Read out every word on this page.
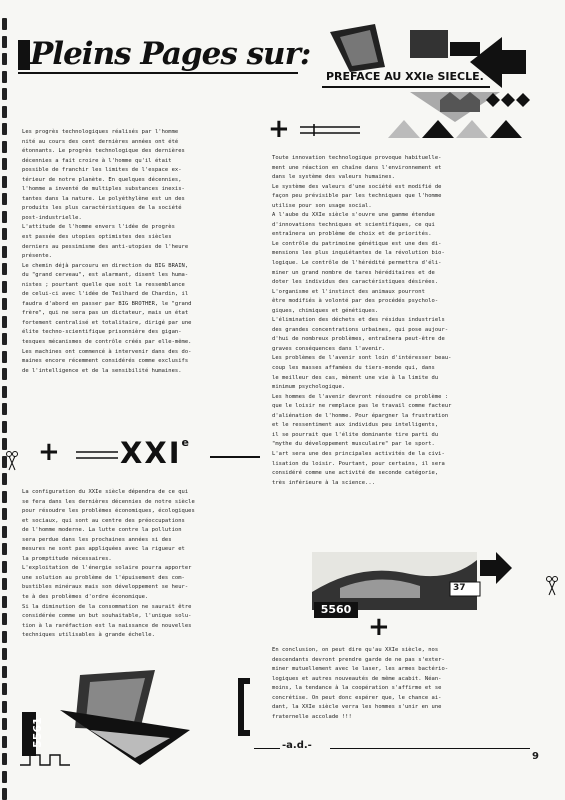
Pleins Pages sur:
PREFACE AU XXIe SIECLE.
+

Les progrès technologiques réalisés par l'homme

nité au cours des cent dernières années ont été

étonnants. Le progrès technologique des dernières

décennies a fait croire à l'homme qu'il était

possible de franchir les limites de l'espace ex-

térieur de notre planète. En quelques décennies,

l'homme a inventé de multiples substances inexis-

tantes dans la nature. Le polyéthylène est un des

produits les plus caractéristiques de la société

post-industrielle.

L'attitude de l'homme envers l'idée de progrès

est passée des utopies optimistes des siècles

derniers au pessimisme des anti-utopies de l'heure

présente.

Le chemin déjà parcouru en direction du BIG BRAIN,

du "grand cerveau", est alarmant, disent les huma-

nistes ; pourtant quelle que soit la ressemblance

de celui-ci avec l'idée de Teilhard de Chardin, il

faudra d'abord en passer par BIG BROTHER, le "grand

frère", qui ne sera pas un dictateur, mais un état

fortement centralisé et totalitaire, dirigé par une

élite techno-scientifique prisonnière des gigan-

tesques mécanismes de contrôle créés par elle-même.

Les machines ont commencé à intervenir dans des do-

maines encore récemment considérés comme exclusifs

de l'intelligence et de la sensibilité humaines.

+ $XXI^e$

La configuration du XXIe siècle dépendra de ce qui

se fera dans les dernières décennies de notre siècle

pour résoudre les problèmes économiques, écologiques

et sociaux, qui sont au centre des préoccupations

de l'homme moderne. La lutte contre la pollution

sera perdue dans les prochaines années si des

mesures ne sont pas appliquées avec la rigueur et

la promptitude nécessaires.

L'exploitation de l'énergie solaire pourra apporter

une solution au problème de l'épuisement des com-

bustibles minéraux mais son développement se heur-

te à des problèmes d'ordre économique.

Si la diminution de la consommation ne saurait être

considérée comme un but souhaitable, l'unique solu-

tion à la raréfaction est la naissance de nouvelles

techniques utilisables à grande échelle.

5561

Toute innovation technologique provoque habituelle-

ment une réaction en chaîne dans l'environnement et

dans le système des valeurs humaines.

Le système des valeurs d'une société est modifié de

façon peu prévisible par les techniques que l'homme

utilise pour son usage social.

A l'aube du XXIe siècle s'ouvre une gamme étendue

d'innovations techniques et scientifiques, ce qui

entraînera un problème de choix et de priorités.

Le contrôle du patrimoine génétique est une des di-

mensions les plus inquiétantes de la révolution bio-

logique. Le contrôle de l'hérédité permettra d'éli-

miner un grand nombre de tares héréditaires et de

doter les individus des caractéristiques désirées.

L'organisme et l'instinct des animaux pourront

être modifiés à volonté par des procédés psycholo-

giques, chimiques et génétiques.

L'élimination des déchets et des résidus industriels

des grandes concentrations urbaines, qui pose aujour-

d'hui de nombreux problèmes, entraînera peut-être de

graves conséquences dans l'avenir.

Les problèmes de l'avenir sont loin d'intéresser beau-

coup les masses affamées du tiers-monde qui, dans

le meilleur des cas, mènent une vie à la limite du

minimum psychologique.

Les hommes de l'avenir devront résoudre ce problème :

que le loisir ne remplace pas le travail comme facteur

d'aliénation de l'homme. Pour épargner la frustration

et le ressentiment aux individus peu intelligents,

il se pourrait que l'élite dominante tire parti du

"mythe du développement musculaire" par le sport.

L'art sera une des principales activités de la civi-

lisation du loisir. Pourtant, pour certains, il sera

considéré comme une activité de seconde catégorie,

très inférieure à la science...

37
5560
+

En conclusion, on peut dire qu'au XXIe siècle, nos

descendants devront prendre garde de ne pas s'exter-

miner mutuellement avec le laser, les armes bactério-

logiques et autres nouveautés de même acabit. Néan-

moins, la tendance à la coopération s'affirme et se

concrétise. On peut donc espérer que, le chance ai-

dant, la XXIe siècle verra les hommes s'unir en une

fraternelle accolade !!!

-a.d.-
9
